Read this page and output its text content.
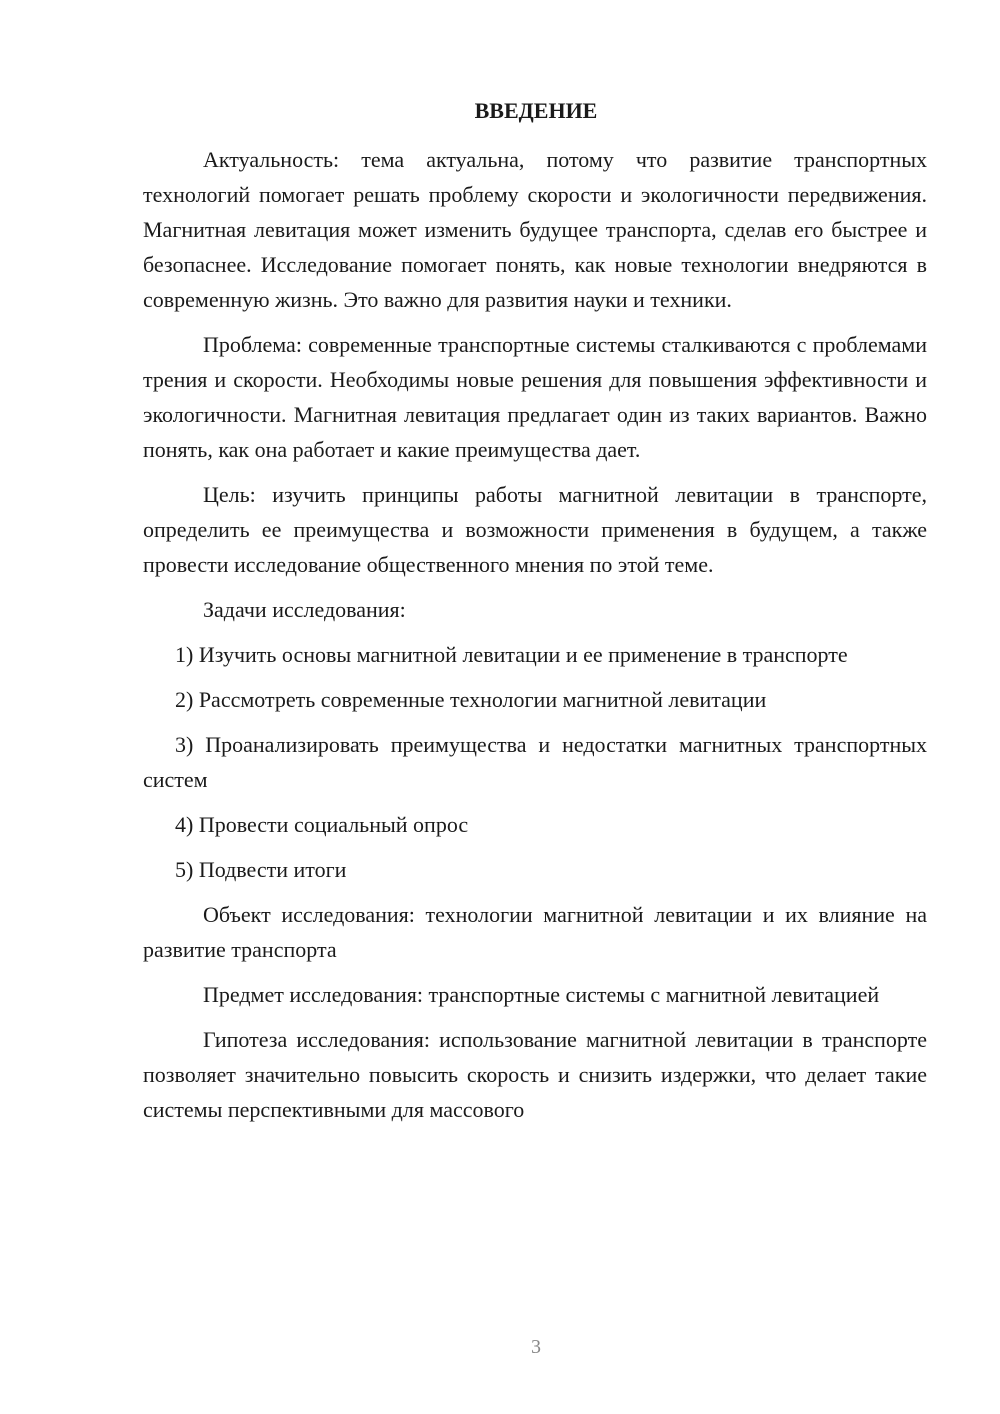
ВВЕДЕНИЕ

Актуальность: тема актуальна, потому что развитие транспортных технологий помогает решать проблему скорости и экологичности передвижения. Магнитная левитация может изменить будущее транспорта, сделав его быстрее и безопаснее. Исследование помогает понять, как новые технологии внедряются в современную жизнь. Это важно для развития науки и техники.

Проблема: современные транспортные системы сталкиваются с проблемами трения и скорости. Необходимы новые решения для повышения эффективности и экологичности. Магнитная левитация предлагает один из таких вариантов. Важно понять, как она работает и какие преимущества дает.

Цель: изучить принципы работы магнитной левитации в транспорте, определить ее преимущества и возможности применения в будущем, а также провести исследование общественного мнения по этой теме.

Задачи исследования:

1) Изучить основы магнитной левитации и ее применение в транспорте

2) Рассмотреть современные технологии магнитной левитации

3) Проанализировать преимущества и недостатки магнитных транспортных систем

4) Провести социальный опрос

5) Подвести итоги

Объект исследования: технологии магнитной левитации и их влияние на развитие транспорта

Предмет исследования: транспортные системы с магнитной левитацией

Гипотеза исследования: использование магнитной левитации в транспорте позволяет значительно повысить скорость и снизить издержки, что делает такие системы перспективными для массового

3
